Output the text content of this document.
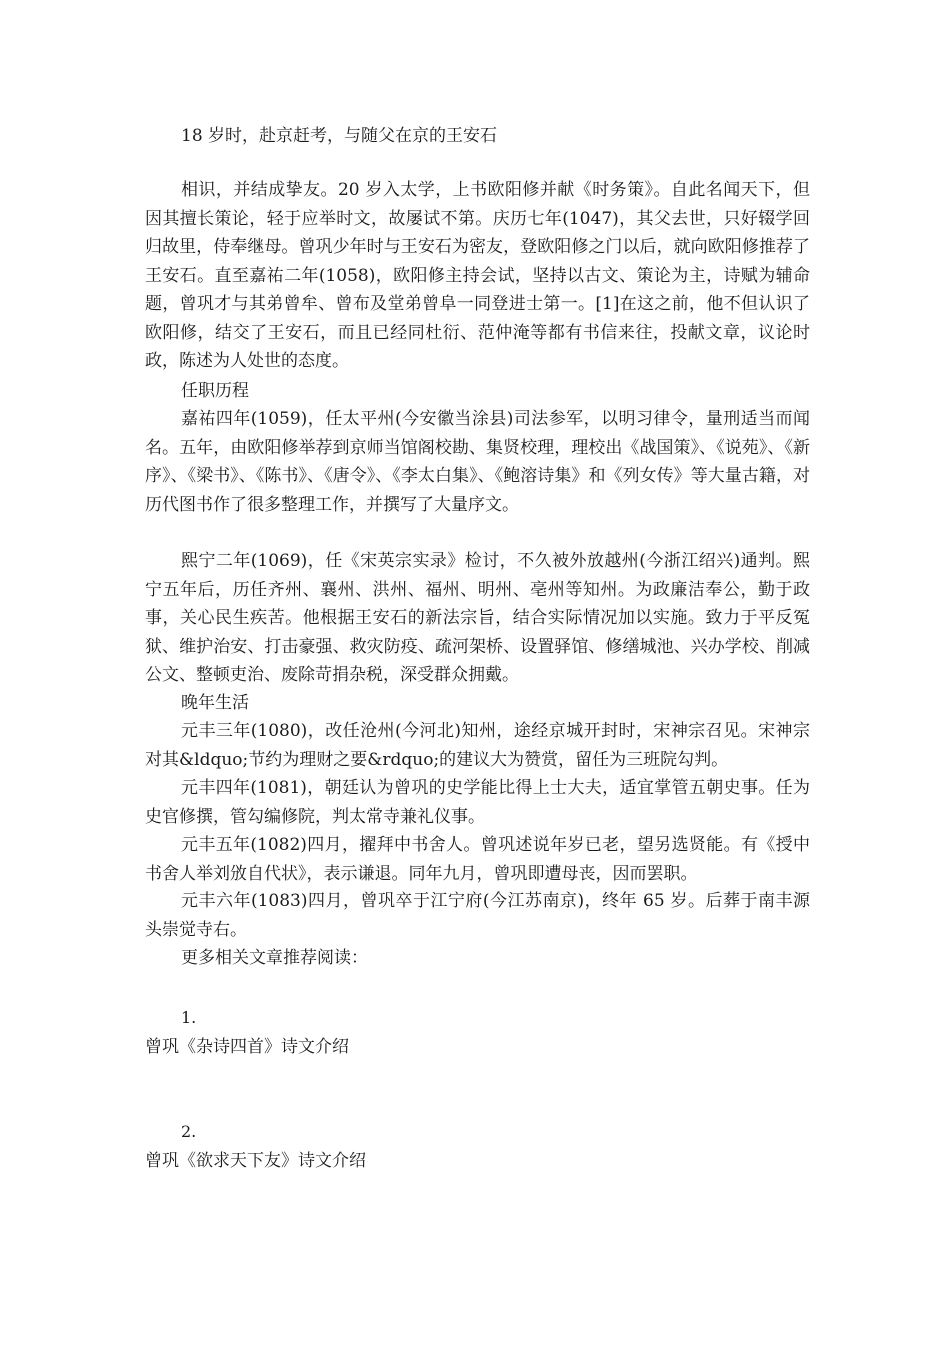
18 岁时，赴京赶考，与随父在京的王安石

相识，并结成挚友。20 岁入太学，上书欧阳修并献《时务策》。自此名闻天下，但因其擅长策论，轻于应举时文，故屡试不第。庆历七年(1047)，其父去世，只好辍学回归故里，侍奉继母。曾巩少年时与王安石为密友，登欧阳修之门以后，就向欧阳修推荐了王安石。直至嘉祐二年(1058)，欧阳修主持会试，坚持以古文、策论为主，诗赋为辅命题，曾巩才与其弟曾牟、曾布及堂弟曾阜一同登进士第一。[1]在这之前，他不但认识了欧阳修，结交了王安石，而且已经同杜衍、范仲淹等都有书信来往，投献文章，议论时政，陈述为人处世的态度。

任职历程

嘉祐四年(1059)，任太平州(今安徽当涂县)司法参军，以明习律令，量刑适当而闻名。五年，由欧阳修举荐到京师当馆阁校勘、集贤校理，理校出《战国策》、《说苑》、《新序》、《梁书》、《陈书》、《唐令》、《李太白集》、《鲍溶诗集》和《列女传》等大量古籍，对历代图书作了很多整理工作，并撰写了大量序文。

熙宁二年(1069)，任《宋英宗实录》检讨，不久被外放越州(今浙江绍兴)通判。熙宁五年后，历任齐州、襄州、洪州、福州、明州、亳州等知州。为政廉洁奉公，勤于政事，关心民生疾苦。他根据王安石的新法宗旨，结合实际情况加以实施。致力于平反冤狱、维护治安、打击豪强、救灾防疫、疏河架桥、设置驿馆、修缮城池、兴办学校、削减公文、整顿吏治、废除苛捐杂税，深受群众拥戴。

晚年生活

元丰三年(1080)，改任沧州(今河北)知州，途经京城开封时，宋神宗召见。宋神宗对其&ldquo;节约为理财之要&rdquo;的建议大为赞赏，留任为三班院勾判。

元丰四年(1081)，朝廷认为曾巩的史学能比得上士大夫，适宜掌管五朝史事。任为史官修撰，管勾编修院，判太常寺兼礼仪事。

元丰五年(1082)四月，擢拜中书舍人。曾巩述说年岁已老，望另选贤能。有《授中书舍人举刘攽自代状》，表示谦退。同年九月，曾巩即遭母丧，因而罢职。

元丰六年(1083)四月，曾巩卒于江宁府(今江苏南京)，终年 65 岁。后葬于南丰源头崇觉寺右。

更多相关文章推荐阅读：

1.

曾巩《杂诗四首》诗文介绍

2.

曾巩《欲求天下友》诗文介绍
